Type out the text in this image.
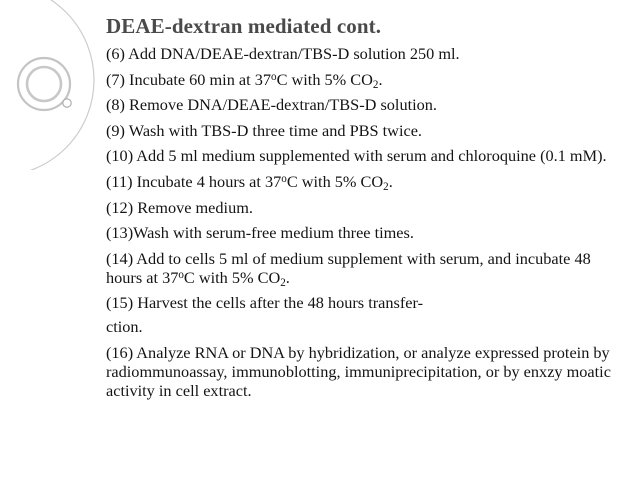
DEAE-dextran mediated cont.

(6) Add DNA/DEAE-dextran/TBS-D solution 250 ml.

(7) Incubate 60 min at 37$^o$C with 5% $CO_2$.

(8) Remove DNA/DEAE-dextran/TBS-D solution.

(9) Wash with TBS-D three time and PBS twice.

(10) Add 5 ml medium supplemented with serum and chloroquine (0.1 mM).

(11) Incubate 4 hours at 37$^o$C with 5% $CO_2$.

(12) Remove medium.

(13)Wash with serum-free medium three times.

(14) Add to cells 5 ml of medium supplement with serum, and incubate 48 hours at 37$^o$C with 5% $CO_2$.

(15) Harvest the cells after the 48 hours transfer-

ction.

(16) Analyze RNA or DNA by hybridization, or analyze expressed protein by radiommunoassay, immunoblotting, immuniprecipitation, or by enxzy moatic activity in cell extract.
